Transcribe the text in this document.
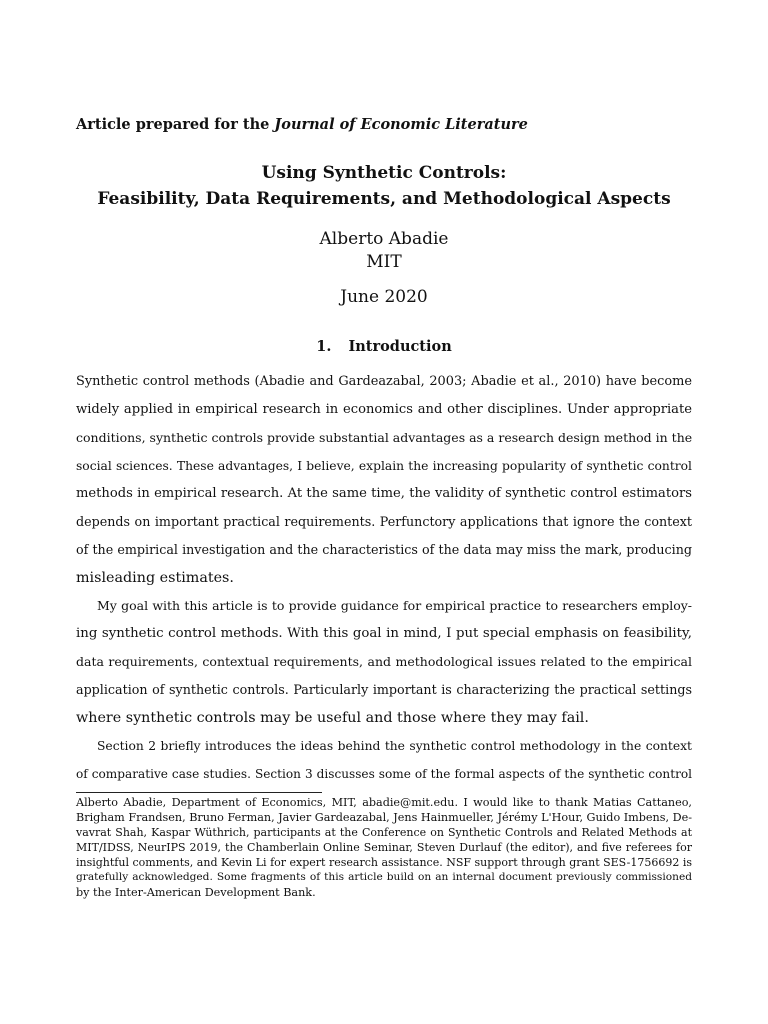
Article prepared for the Journal of Economic Literature
Using Synthetic Controls:
Feasibility, Data Requirements, and Methodological Aspects
Alberto Abadie
MIT
June 2020
1. Introduction
Synthetic control methods (Abadie and Gardeazabal, 2003; Abadie et al., 2010) have become
widely applied in empirical research in economics and other disciplines. Under appropriate
conditions, synthetic controls provide substantial advantages as a research design method in the
social sciences. These advantages, I believe, explain the increasing popularity of synthetic control
methods in empirical research. At the same time, the validity of synthetic control estimators
depends on important practical requirements. Perfunctory applications that ignore the context
of the empirical investigation and the characteristics of the data may miss the mark, producing
misleading estimates.
My goal with this article is to provide guidance for empirical practice to researchers employ-
ing synthetic control methods. With this goal in mind, I put special emphasis on feasibility,
data requirements, contextual requirements, and methodological issues related to the empirical
application of synthetic controls. Particularly important is characterizing the practical settings
where synthetic controls may be useful and those where they may fail.
Section 2 briefly introduces the ideas behind the synthetic control methodology in the context
of comparative case studies. Section 3 discusses some of the formal aspects of the synthetic control
Alberto Abadie, Department of Economics, MIT, abadie@mit.edu. I would like to thank Matias Cattaneo,
Brigham Frandsen, Bruno Ferman, Javier Gardeazabal, Jens Hainmueller, Jérémy L'Hour, Guido Imbens, De-
vavrat Shah, Kaspar Wüthrich, participants at the Conference on Synthetic Controls and Related Methods at
MIT/IDSS, NeurIPS 2019, the Chamberlain Online Seminar, Steven Durlauf (the editor), and five referees for
insightful comments, and Kevin Li for expert research assistance. NSF support through grant SES-1756692 is
gratefully acknowledged. Some fragments of this article build on an internal document previously commissioned
by the Inter-American Development Bank.
